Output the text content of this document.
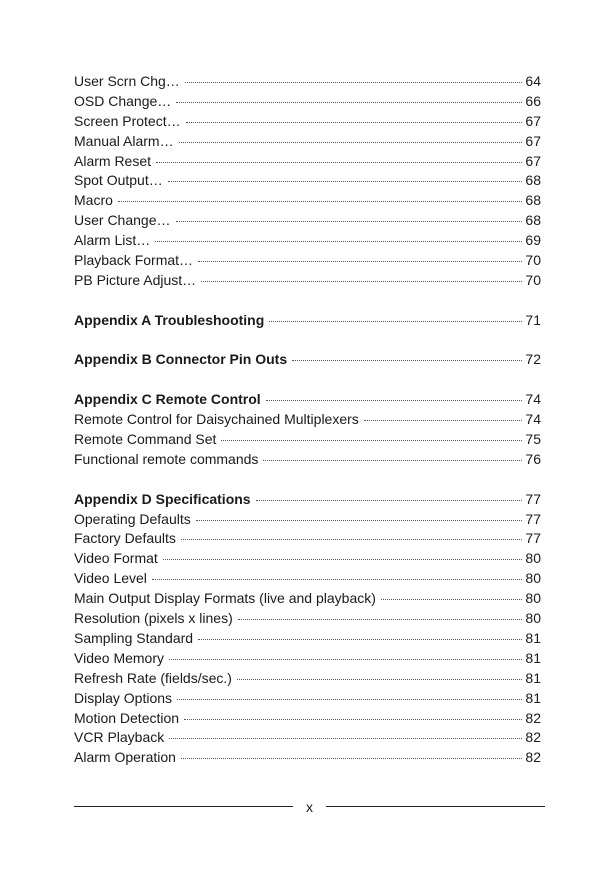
User Scrn Chg…	64
OSD Change…	66
Screen Protect…	67
Manual Alarm…	67
Alarm Reset	67
Spot Output…	68
Macro	68
User Change…	68
Alarm List…	69
Playback Format…	70
PB Picture Adjust…	70
Appendix A Troubleshooting	71
Appendix B Connector Pin Outs	72
Appendix C Remote Control	74
Remote Control for Daisychained Multiplexers	74
Remote Command Set	75
Functional remote commands	76
Appendix D Specifications	77
Operating Defaults	77
Factory Defaults	77
Video Format	80
Video Level	80
Main Output Display Formats (live and playback)	80
Resolution (pixels x lines)	80
Sampling Standard	81
Video Memory	81
Refresh Rate (fields/sec.)	81
Display Options	81
Motion Detection	82
VCR Playback	82
Alarm Operation	82
x
